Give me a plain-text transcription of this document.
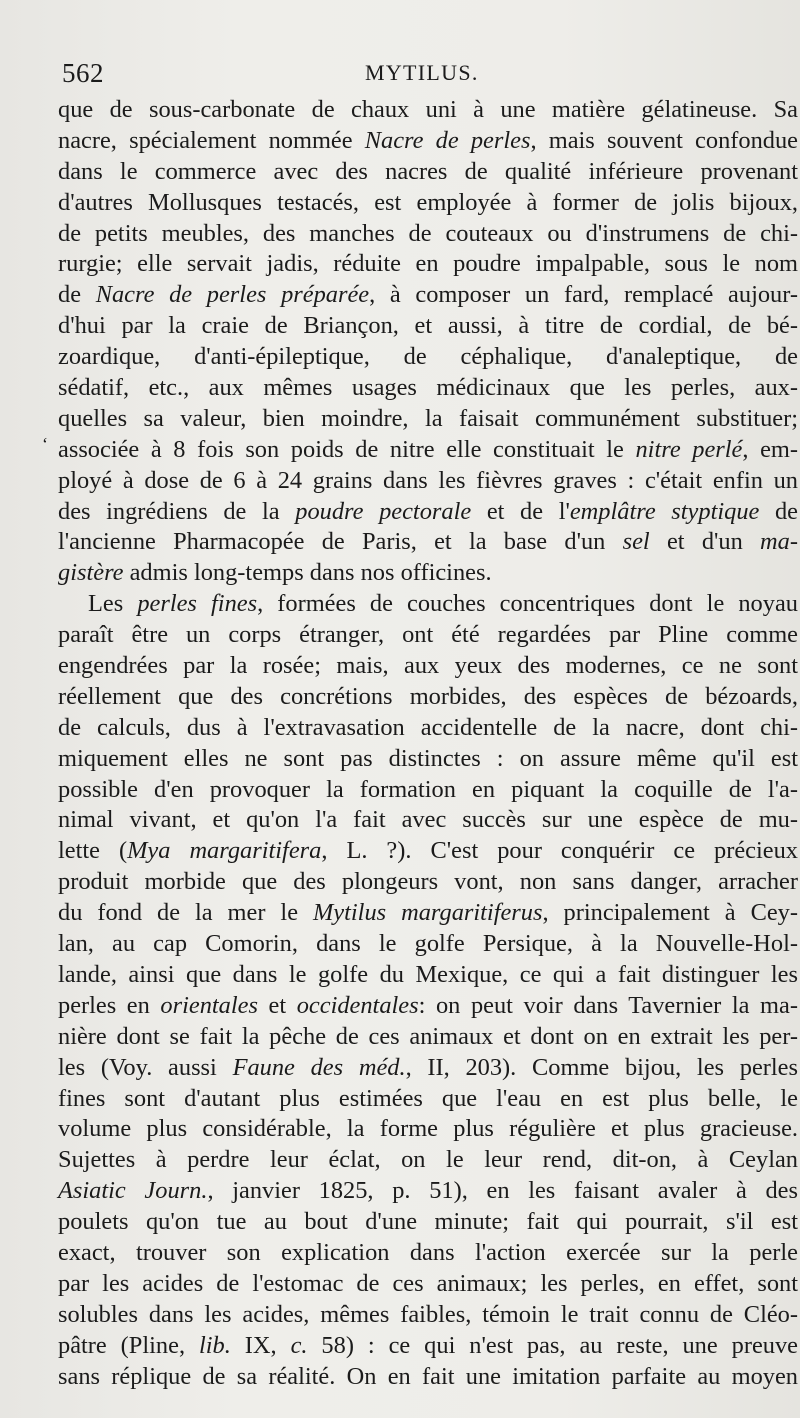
562	MYTILUS.
‘
que de sous-carbonate de chaux uni à une matière gélatineuse. Sa
nacre, spécialement nommée Nacre de perles, mais souvent confondue
dans le commerce avec des nacres de qualité inférieure provenant
d'autres Mollusques testacés, est employée à former de jolis bijoux,
de petits meubles, des manches de couteaux ou d'instrumens de chi-
rurgie; elle servait jadis, réduite en poudre impalpable, sous le nom
de Nacre de perles préparée, à composer un fard, remplacé aujour-
d'hui par la craie de Briançon, et aussi, à titre de cordial, de bé-
zoardique, d'anti-épileptique, de céphalique, d'analeptique, de
sédatif, etc., aux mêmes usages médicinaux que les perles, aux-
quelles sa valeur, bien moindre, la faisait communément substituer;
associée à 8 fois son poids de nitre elle constituait le nitre perlé, em-
ployé à dose de 6 à 24 grains dans les fièvres graves : c'était enfin un
des ingrédiens de la poudre pectorale et de l'emplâtre styptique de
l'ancienne Pharmacopée de Paris, et la base d'un sel et d'un ma-
gistère admis long-temps dans nos officines.
Les perles fines, formées de couches concentriques dont le noyau
paraît être un corps étranger, ont été regardées par Pline comme
engendrées par la rosée; mais, aux yeux des modernes, ce ne sont
réellement que des concrétions morbides, des espèces de bézoards,
de calculs, dus à l'extravasation accidentelle de la nacre, dont chi-
miquement elles ne sont pas distinctes : on assure même qu'il est
possible d'en provoquer la formation en piquant la coquille de l'a-
nimal vivant, et qu'on l'a fait avec succès sur une espèce de mu-
lette (Mya margaritifera, L. ?). C'est pour conquérir ce précieux
produit morbide que des plongeurs vont, non sans danger, arracher
du fond de la mer le Mytilus margaritiferus, principalement à Cey-
lan, au cap Comorin, dans le golfe Persique, à la Nouvelle-Hol-
lande, ainsi que dans le golfe du Mexique, ce qui a fait distinguer les
perles en orientales et occidentales: on peut voir dans Tavernier la ma-
nière dont se fait la pêche de ces animaux et dont on en extrait les per-
les (Voy. aussi Faune des méd., II, 203). Comme bijou, les perles
fines sont d'autant plus estimées que l'eau en est plus belle, le
volume plus considérable, la forme plus régulière et plus gracieuse.
Sujettes à perdre leur éclat, on le leur rend, dit-on, à Ceylan
Asiatic Journ., janvier 1825, p. 51), en les faisant avaler à des
poulets qu'on tue au bout d'une minute; fait qui pourrait, s'il est
exact, trouver son explication dans l'action exercée sur la perle
par les acides de l'estomac de ces animaux; les perles, en effet, sont
solubles dans les acides, mêmes faibles, témoin le trait connu de Cléo-
pâtre (Pline, lib. IX, c. 58) : ce qui n'est pas, au reste, une preuve
sans réplique de sa réalité. On en fait une imitation parfaite au moyen
